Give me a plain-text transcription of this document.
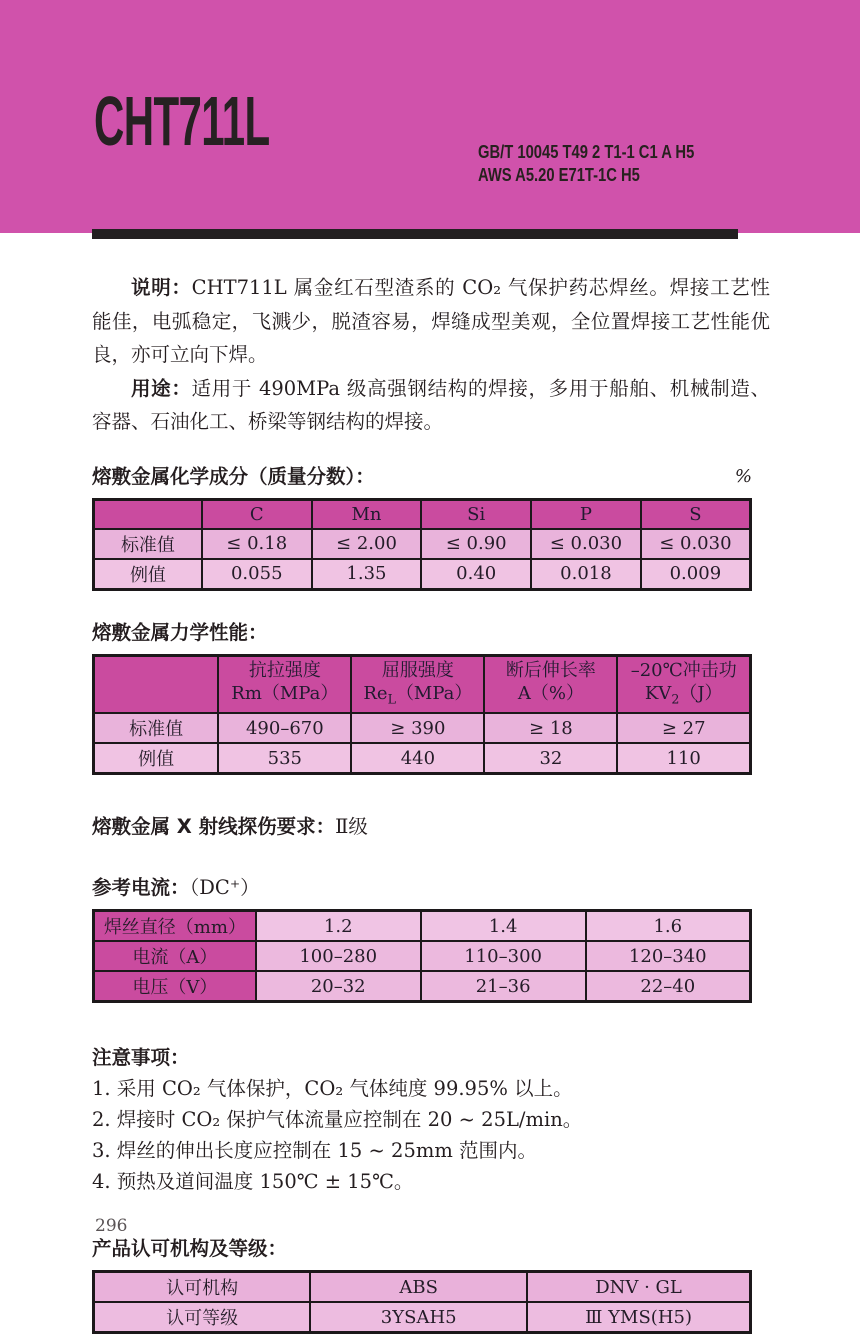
CHT711L	GB/T 10045 T49 2 T1-1 C1 A H5
AWS A5.20 E71T-1C H5

说明：CHT711L 属金红石型渣系的 CO₂ 气保护药芯焊丝。焊接工艺性能佳，电弧稳定，飞溅少，脱渣容易，焊缝成型美观，全位置焊接工艺性能优良，亦可立向下焊。

用途：适用于 490MPa 级高强钢结构的焊接，多用于船舶、机械制造、容器、石油化工、桥梁等钢结构的焊接。

%
熔敷金属化学成分（质量分数）：
	C	Mn	Si	P	S
标准值	≤ 0.18	≤ 2.00	≤ 0.90	≤ 0.030	≤ 0.030
例值	0.055	1.35	0.40	0.018	0.009
熔敷金属力学性能：

抗拉强度
Rm（MPa）

屈服强度
$Re_L(MPa)$

断后伸长率
A（%）

–20℃冲击功
$KV_2(J)$

标准值	490–670	≥ 390	≥ 18	≥ 27
例值	535	440	32	110
熔敷金属 X 射线探伤要求：Ⅱ级
参考电流：（DC⁺）
焊丝直径（mm）	1.2	1.4	1.6
电流（A）	100–280	110–300	120–340
电压（V）	20–32	21–36	22–40
注意事项：

1. 采用 CO₂ 气体保护，CO₂ 气体纯度 99.95% 以上。

2. 焊接时 CO₂ 保护气体流量应控制在 20 ~ 25L/min。

3. 焊丝的伸出长度应控制在 15 ~ 25mm 范围内。

4. 预热及道间温度 150℃ ± 15℃。

产品认可机构及等级：
认可机构	ABS	DNV · GL
认可等级	3YSAH5	Ⅲ YMS(H5)
296
